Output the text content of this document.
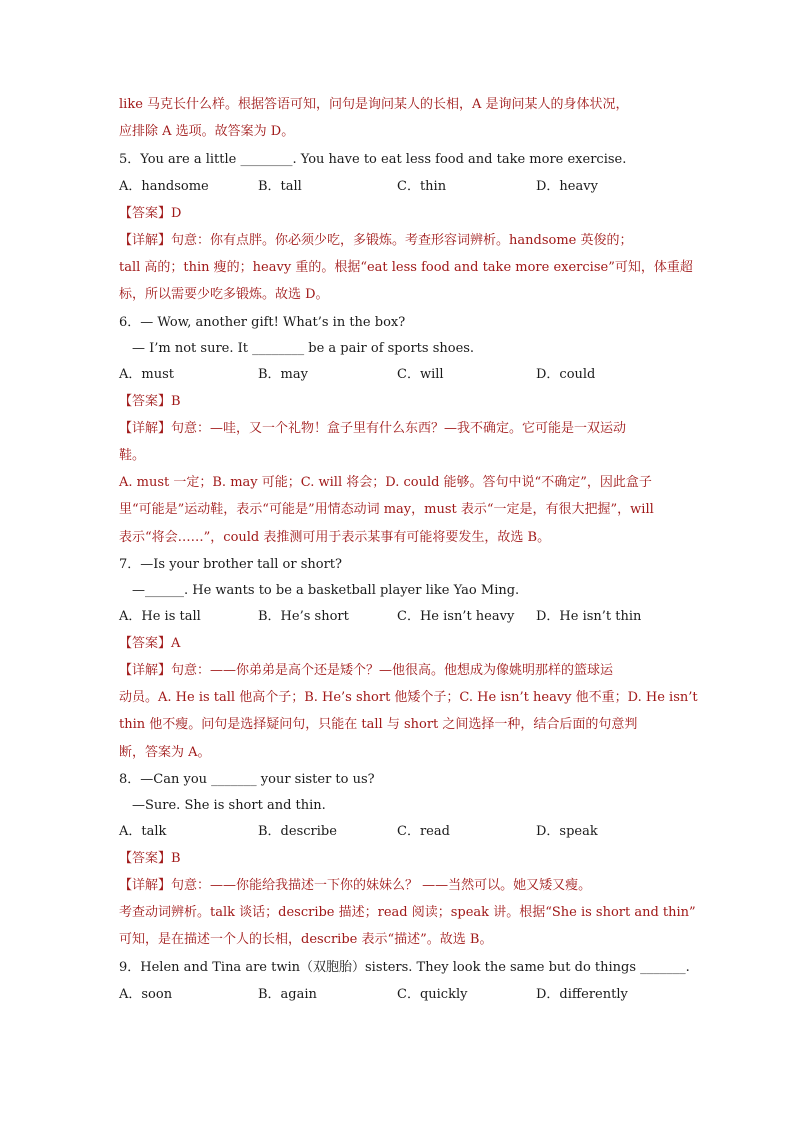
like 马克长什么样。根据答语可知，问句是询问某人的长相，A 是询问某人的身体状况，
应排除 A 选项。故答案为 D。
5．You are a little ________. You have to eat less food and take more exercise.
A．handsome	B．tall	C．thin	D．heavy
【答案】D
【详解】句意：你有点胖。你必须少吃，多锻炼。考查形容词辨析。handsome 英俊的；
tall 高的；thin 瘦的；heavy 重的。根据“eat less food and take more exercise”可知，体重超
标，所以需要少吃多锻炼。故选 D。
6．— Wow, another gift! What’s in the box?
— I’m not sure. It ________ be a pair of sports shoes.
A．must	B．may	C．will	D．could
【答案】B
【详解】句意：—哇，又一个礼物！盒子里有什么东西？—我不确定。它可能是一双运动
鞋。
A. must 一定；B. may 可能；C. will 将会；D. could 能够。答句中说“不确定”，因此盒子
里“可能是”运动鞋，表示“可能是”用情态动词 may，must 表示“一定是，有很大把握”，will
表示“将会……”，could 表推测可用于表示某事有可能将要发生，故选 B。
7．—Is your brother tall or short?
—______. He wants to be a basketball player like Yao Ming.
A．He is tall	B．He’s short	C．He isn’t heavy D．He isn’t thin
【答案】A
【详解】句意：——你弟弟是高个还是矮个？—他很高。他想成为像姚明那样的篮球运
动员。A. He is tall 他高个子；B. He’s short 他矮个子；C. He isn’t heavy 他不重；D. He isn’t
thin 他不瘦。问句是选择疑问句，只能在 tall 与 short 之间选择一种，结合后面的句意判
断，答案为 A。
8．—Can you _______ your sister to us?
—Sure. She is short and thin.
A．talk	B．describe	C．read	D．speak
【答案】B
【详解】句意：——你能给我描述一下你的妹妹么？ ——当然可以。她又矮又瘦。
考查动词辨析。talk 谈话；describe 描述；read 阅读；speak 讲。根据“She is short and thin”
可知，是在描述一个人的长相，describe 表示“描述”。故选 B。
9．Helen and Tina are twin（双胞胎）sisters. They look the same but do things _______.
A．soon	B．again	C．quickly	D．differently
